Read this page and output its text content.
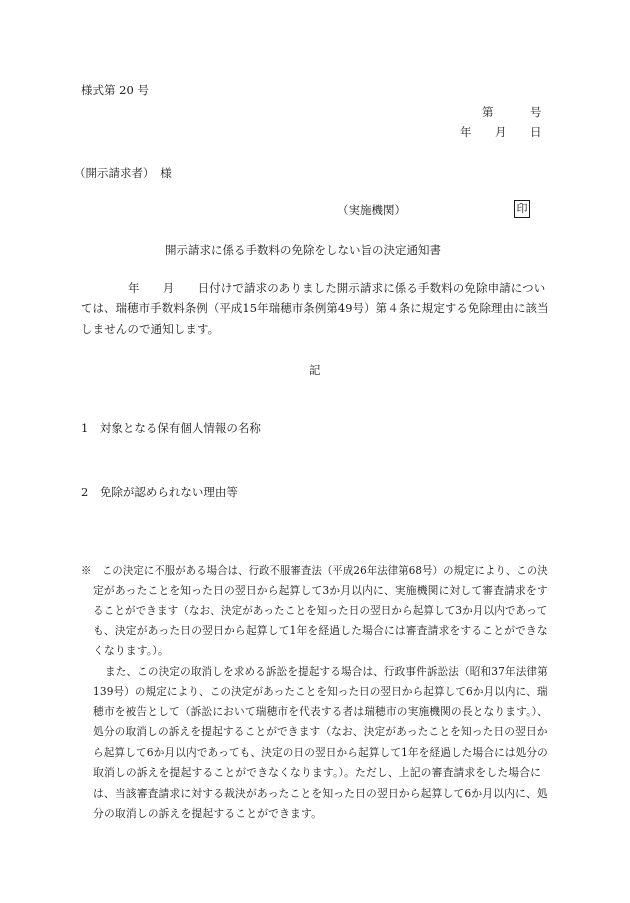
様式第 20 号
第	号
年 月 日
（開示請求者）　様
（実施機関）	印
開示請求に係る手数料の免除をしない旨の決定通知書
年　　月　　日付けで請求のありました開示請求に係る手数料の免除申請につい
ては、瑞穂市手数料条例（平成15年瑞穂市条例第49号）第４条に規定する免除理由に該当
しませんので通知します。
記
1　対象となる保有個人情報の名称
2　免除が認められない理由等
※　この決定に不服がある場合は、行政不服審査法（平成26年法律第68号）の規定により、この決
定があったことを知った日の翌日から起算して3か月以内に、実施機関に対して審査請求をす
ることができます（なお、決定があったことを知った日の翌日から起算して3か月以内であって
も、決定があった日の翌日から起算して1年を経過した場合には審査請求をすることができな
くなります。）。
また、この決定の取消しを求める訴訟を提起する場合は、行政事件訴訟法（昭和37年法律第
139号）の規定により、この決定があったことを知った日の翌日から起算して6か月以内に、瑞
穂市を被告として（訴訟において瑞穂市を代表する者は瑞穂市の実施機関の長となります。）、
処分の取消しの訴えを提起することができます（なお、決定があったことを知った日の翌日か
ら起算して6か月以内であっても、決定の日の翌日から起算して1年を経過した場合には処分の
取消しの訴えを提起することができなくなります。）。ただし、上記の審査請求をした場合に
は、当該審査請求に対する裁決があったことを知った日の翌日から起算して6か月以内に、処
分の取消しの訴えを提起することができます。
